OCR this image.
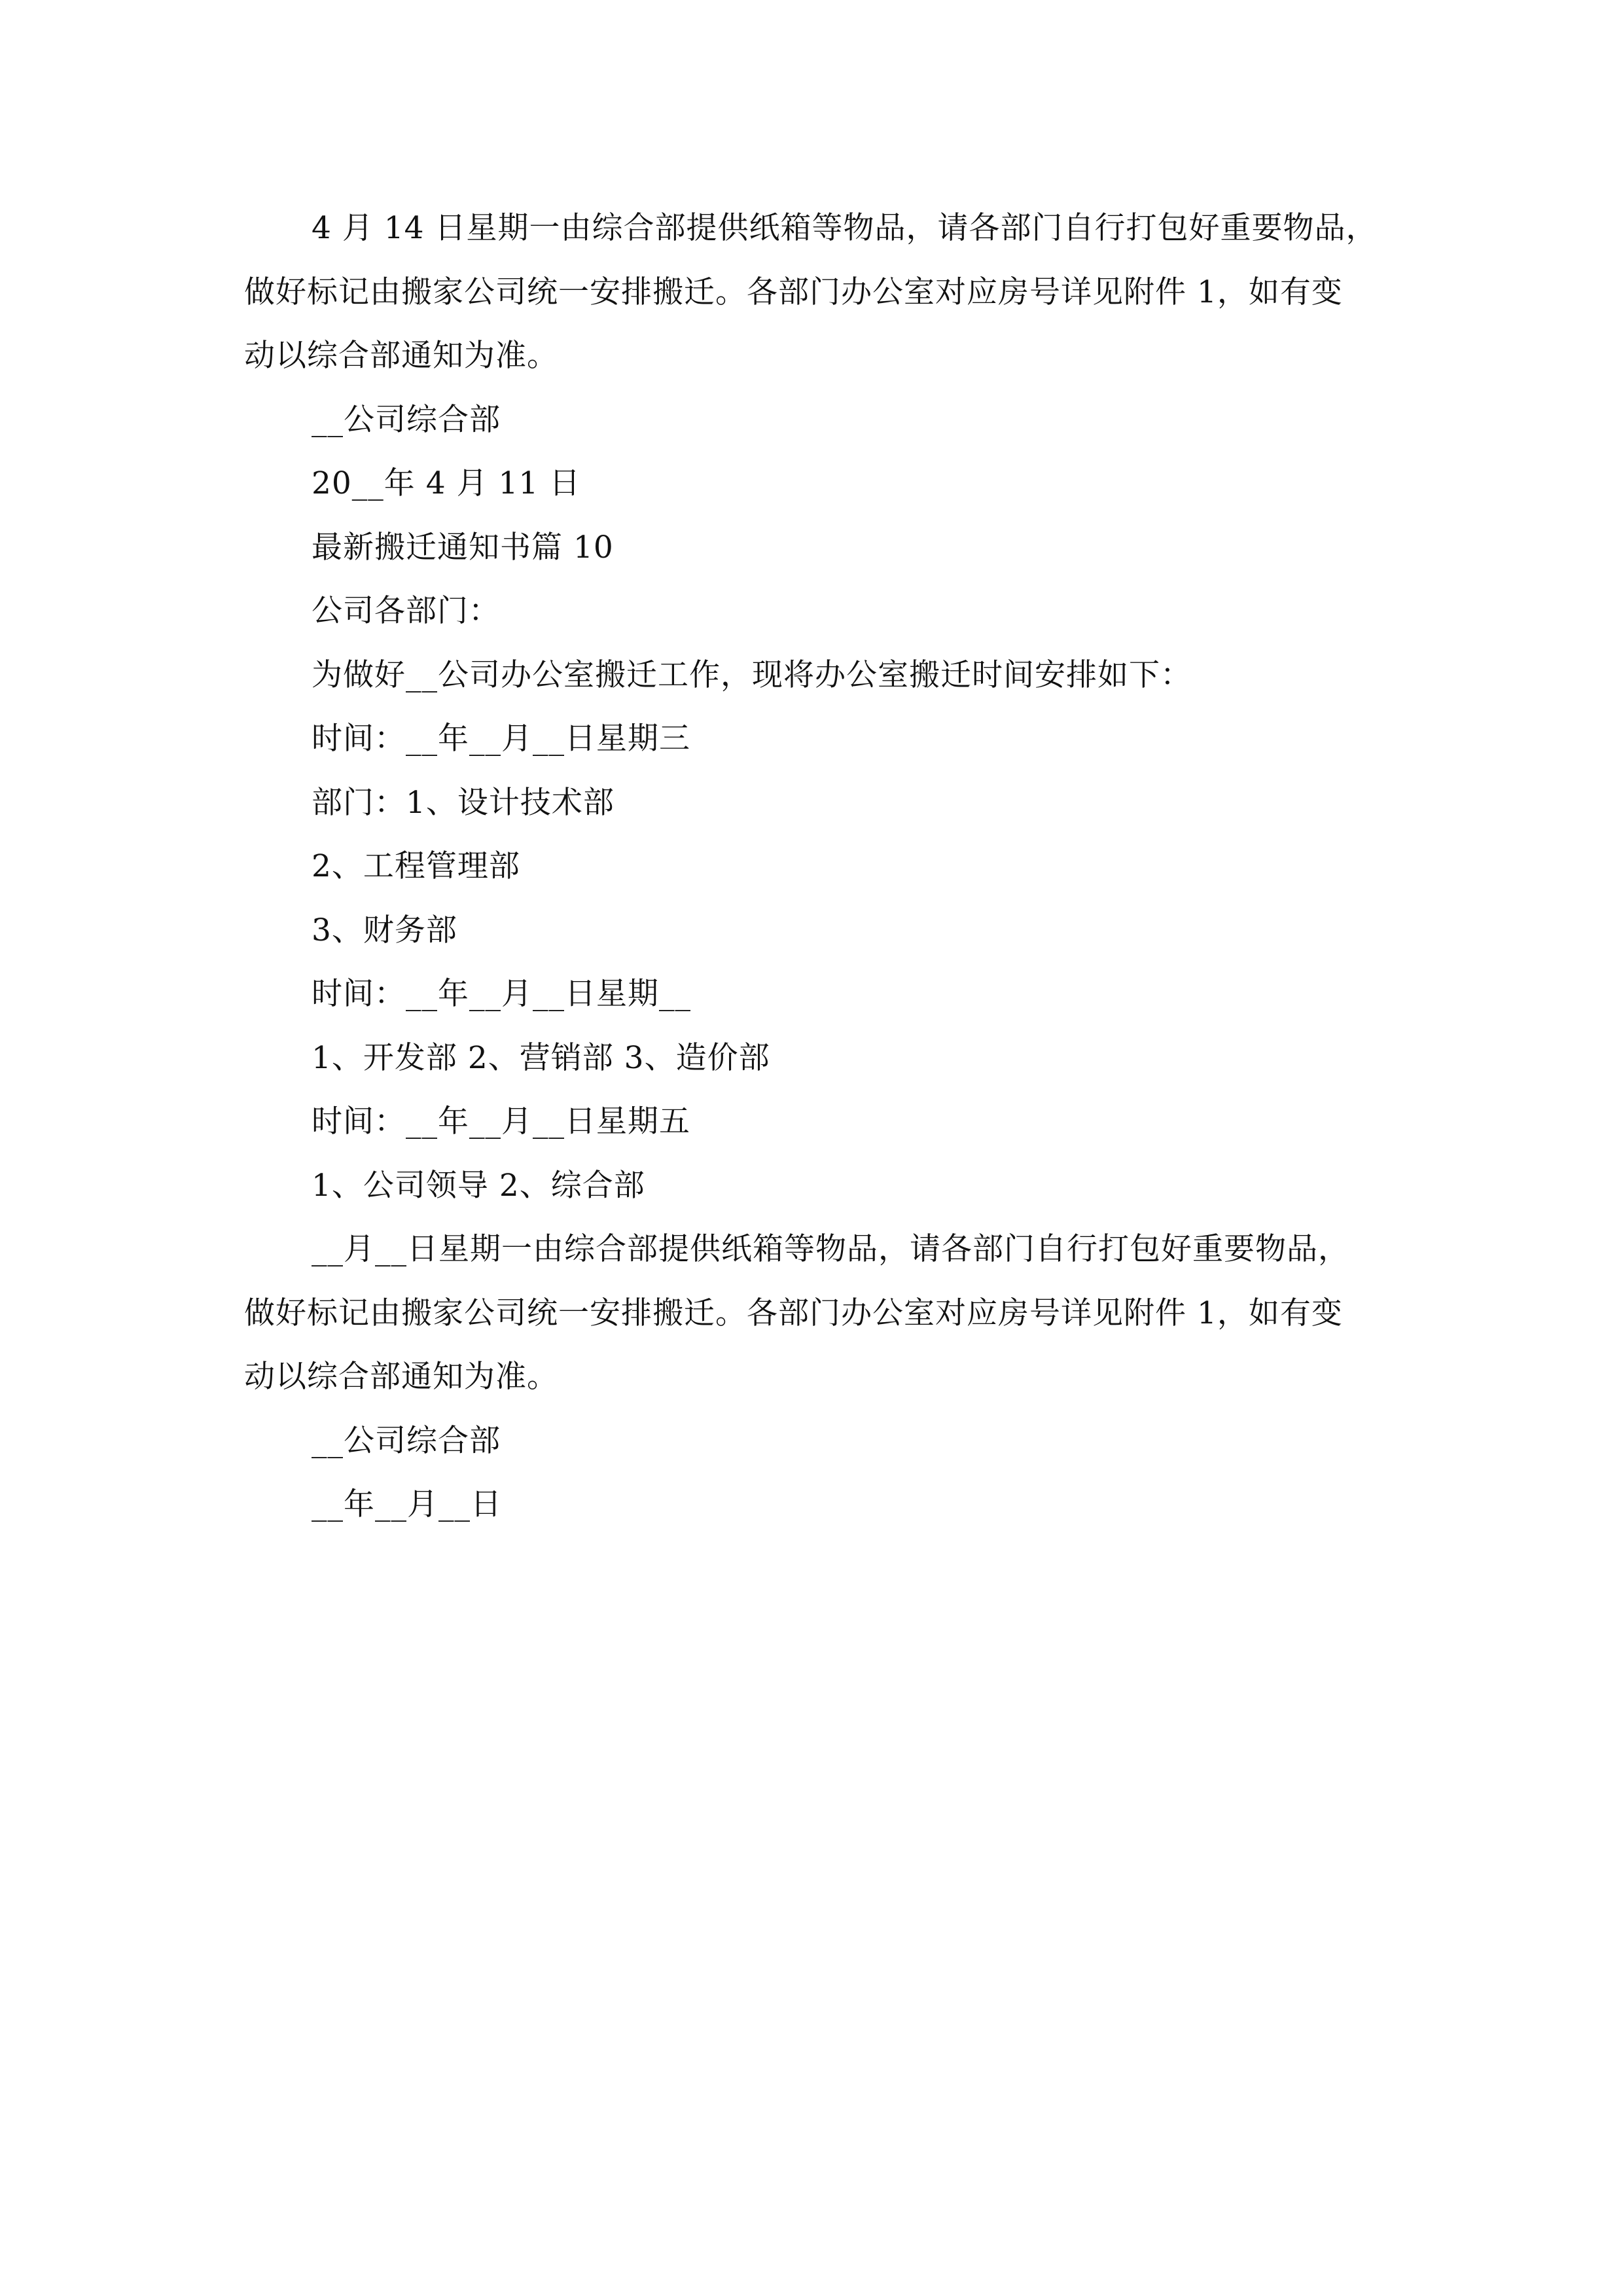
4 月 14 日星期一由综合部提供纸箱等物品，请各部门自行打包好重要物品，

做好标记由搬家公司统一安排搬迁。各部门办公室对应房号详见附件 1，如有变

动以综合部通知为准。

__公司综合部

20__年 4 月 11 日

最新搬迁通知书篇 10

公司各部门：

为做好__公司办公室搬迁工作，现将办公室搬迁时间安排如下：

时间：__年__月__日星期三

部门：1、设计技术部

2、工程管理部

3、财务部

时间：__年__月__日星期__

1、开发部 2、营销部 3、造价部

时间：__年__月__日星期五

1、公司领导 2、综合部

__月__日星期一由综合部提供纸箱等物品，请各部门自行打包好重要物品，

做好标记由搬家公司统一安排搬迁。各部门办公室对应房号详见附件 1，如有变

动以综合部通知为准。

__公司综合部

__年__月__日
